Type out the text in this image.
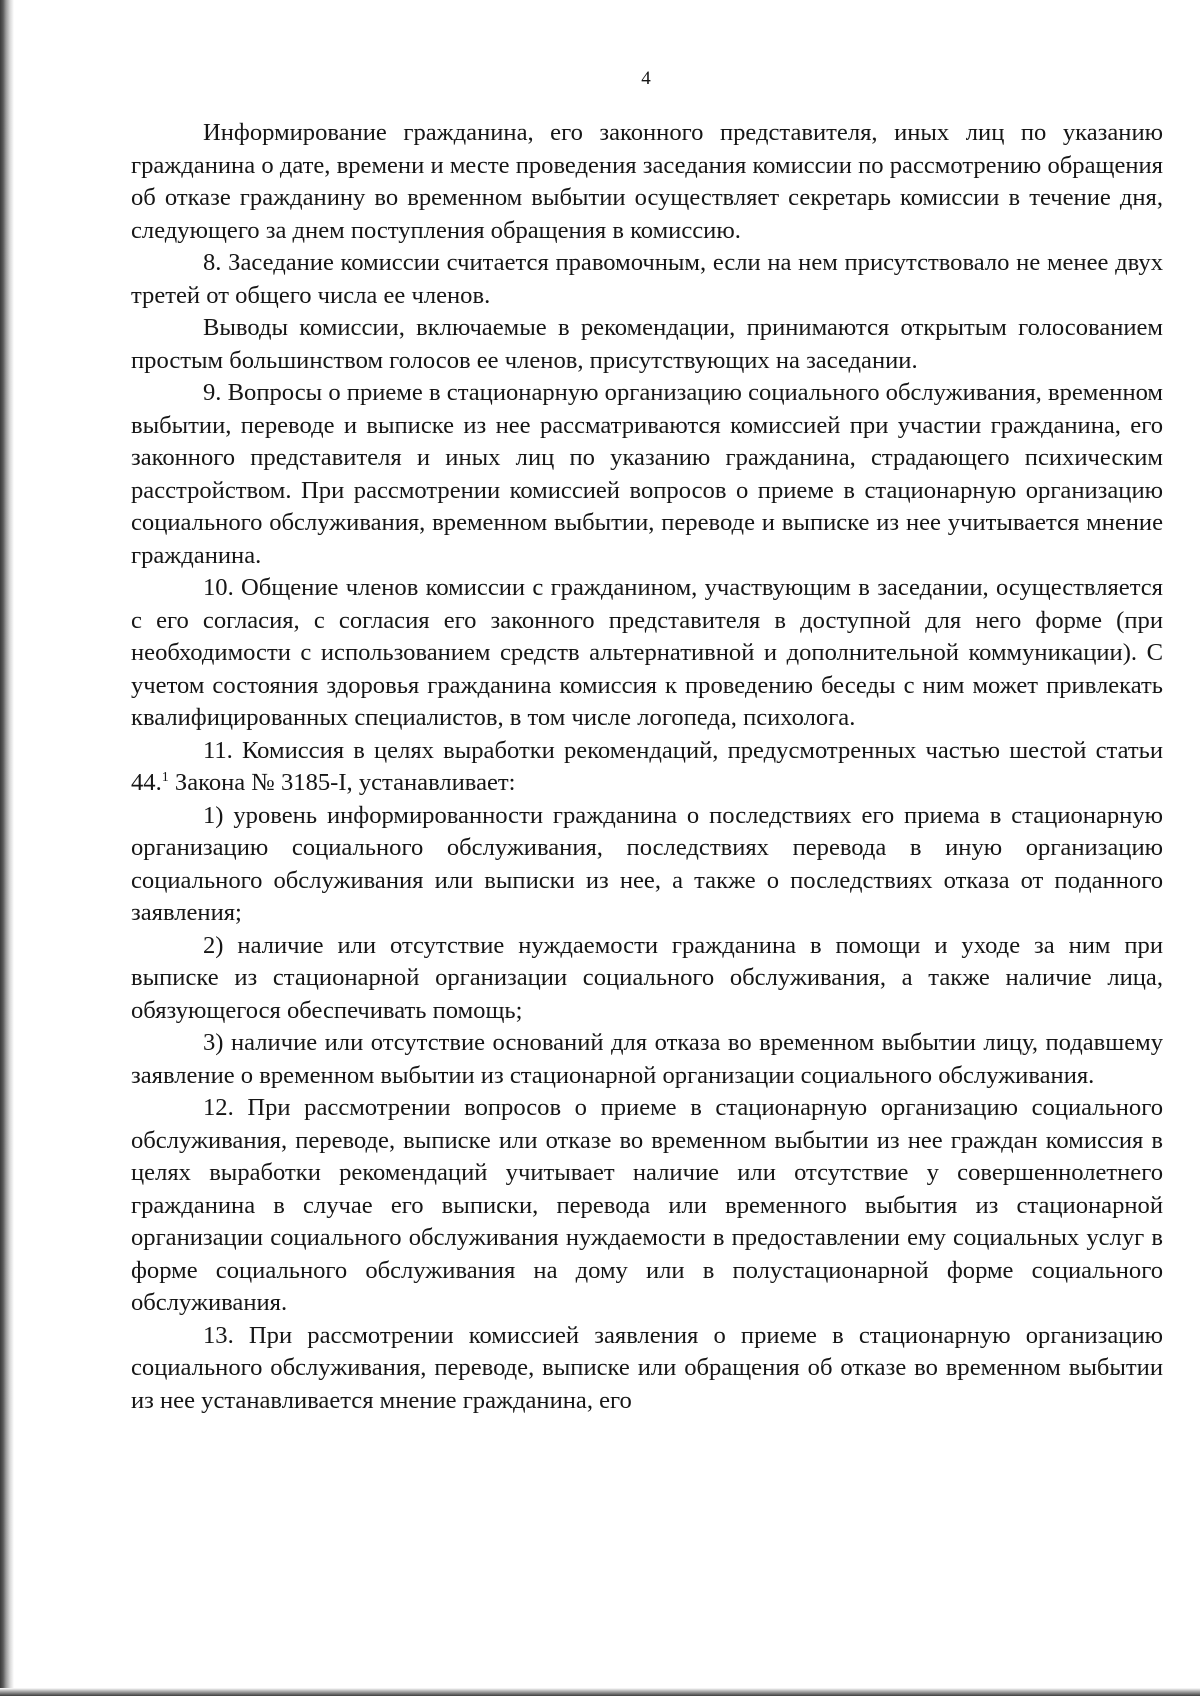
4

Информирование гражданина, его законного представителя, иных лиц по указанию гражданина о дате, времени и месте проведения заседания комиссии по рассмотрению обращения об отказе гражданину во временном выбытии осуществляет секретарь комиссии в течение дня, следующего за днем поступления обращения в комиссию.

8. Заседание комиссии считается правомочным, если на нем присутствовало не менее двух третей от общего числа ее членов.

Выводы комиссии, включаемые в рекомендации, принимаются открытым голосованием простым большинством голосов ее членов, присутствующих на заседании.

9. Вопросы о приеме в стационарную организацию социального обслуживания, временном выбытии, переводе и выписке из нее рассматриваются комиссией при участии гражданина, его законного представителя и иных лиц по указанию гражданина, страдающего психическим расстройством. При рассмотрении комиссией вопросов о приеме в стационарную организацию социального обслуживания, временном выбытии, переводе и выписке из нее учитывается мнение гражданина.

10. Общение членов комиссии с гражданином, участвующим в заседании, осуществляется с его согласия, с согласия его законного представителя в доступной для него форме (при необходимости с использованием средств альтернативной и дополнительной коммуникации). С учетом состояния здоровья гражданина комиссия к проведению беседы с ним может привлекать квалифицированных специалистов, в том числе логопеда, психолога.

11. Комиссия в целях выработки рекомендаций, предусмотренных частью шестой статьи 44.$^1$ Закона № 3185-I, устанавливает:

1) уровень информированности гражданина о последствиях его приема в стационарную организацию социального обслуживания, последствиях перевода в иную организацию социального обслуживания или выписки из нее, а также о последствиях отказа от поданного заявления;

2) наличие или отсутствие нуждаемости гражданина в помощи и уходе за ним при выписке из стационарной организации социального обслуживания, а также наличие лица, обязующегося обеспечивать помощь;

3) наличие или отсутствие оснований для отказа во временном выбытии лицу, подавшему заявление о временном выбытии из стационарной организации социального обслуживания.

12. При рассмотрении вопросов о приеме в стационарную организацию социального обслуживания, переводе, выписке или отказе во временном выбытии из нее граждан комиссия в целях выработки рекомендаций учитывает наличие или отсутствие у совершеннолетнего гражданина в случае его выписки, перевода или временного выбытия из стационарной организации социального обслуживания нуждаемости в предоставлении ему социальных услуг в форме социального обслуживания на дому или в полустационарной форме социального обслуживания.

13. При рассмотрении комиссией заявления о приеме в стационарную организацию социального обслуживания, переводе, выписке или обращения об отказе во временном выбытии из нее устанавливается мнение гражданина, его
